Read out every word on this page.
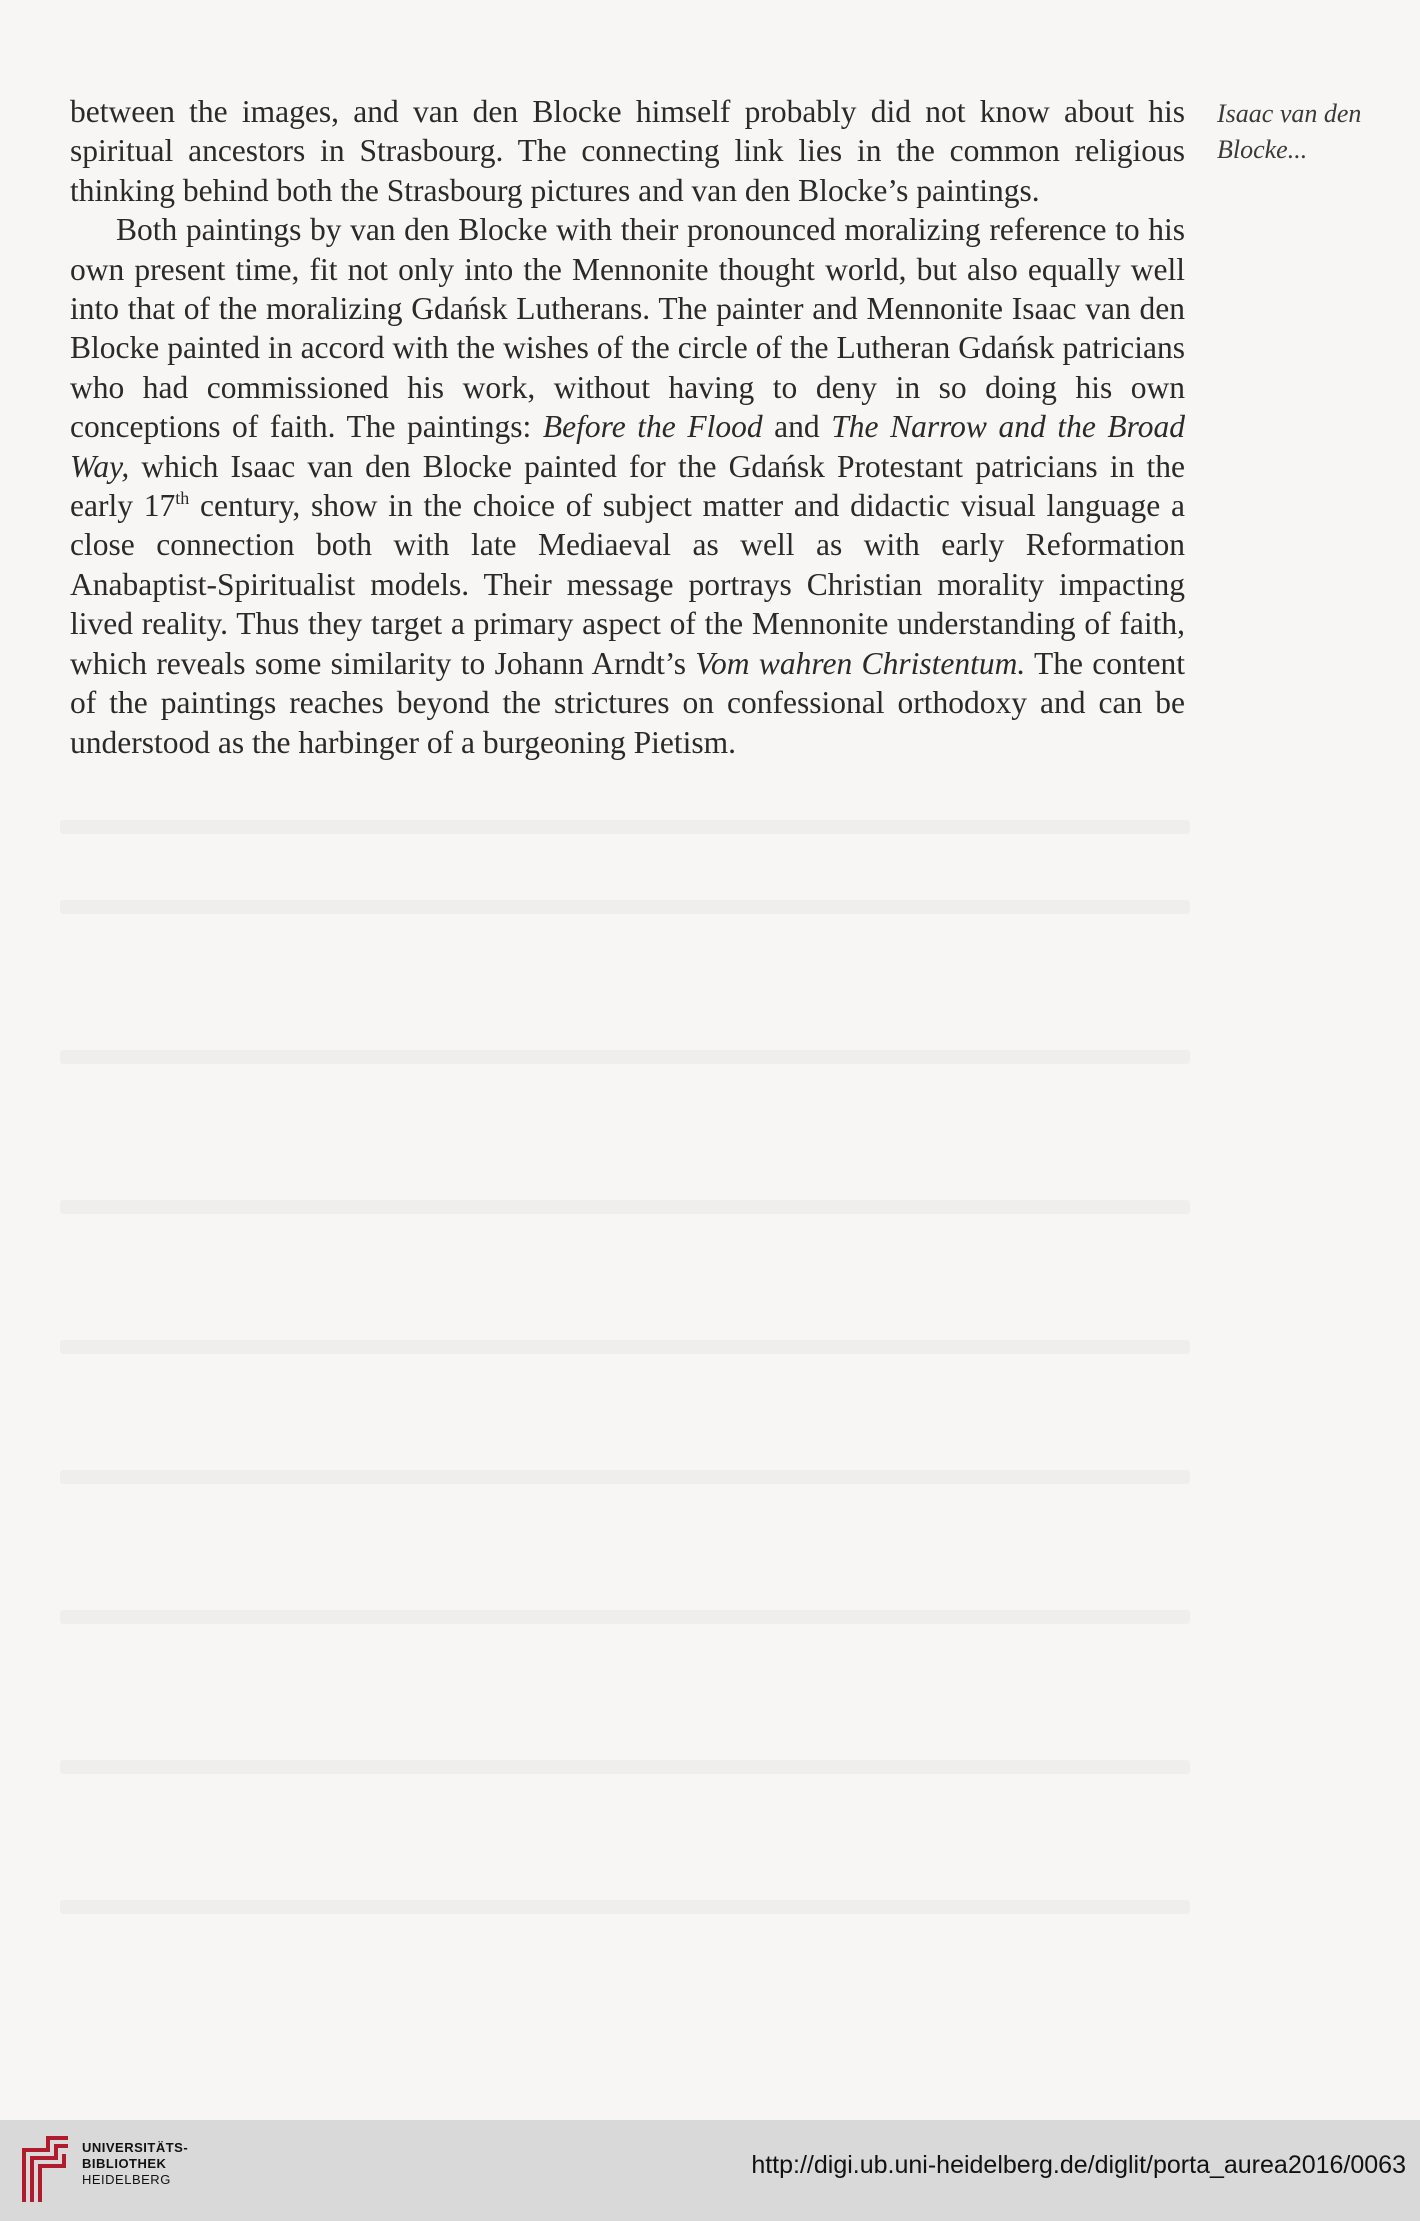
between the images, and van den Blocke himself probably did not know about his spiritual ancestors in Strasbourg. The connecting link lies in the common religious thinking behind both the Strasbourg pictures and van den Blocke’s paintings.

Both paintings by van den Blocke with their pronounced moralizing reference to his own present time, fit not only into the Mennonite thought world, but also equally well into that of the moralizing Gdańsk Lutherans. The painter and Mennonite Isaac van den Blocke painted in accord with the wishes of the circle of the Lutheran Gdańsk patricians who had commissioned his work, without having to deny in so doing his own conceptions of faith. The paintings: Before the Flood and The Narrow and the Broad Way, which Isaac van den Blocke painted for the Gdańsk Protestant patricians in the early 17th century, show in the choice of subject matter and didactic visual language a close connection both with late Mediaeval as well as with early Reformation Anabaptist-Spiritualist models. Their message portrays Christian morality impacting lived reality. Thus they target a primary aspect of the Mennonite understanding of faith, which reveals some similarity to Johann Arndt’s Vom wahren Christentum. The content of the paintings reaches beyond the strictures on confessional orthodoxy and can be understood as the harbinger of a burgeoning Pietism.

Isaac van den
Blocke...
UNIVERSITÄTS-
BIBLIOTHEK
HEIDELBERG
http://digi.ub.uni-heidelberg.de/diglit/porta_aurea2016/0063
